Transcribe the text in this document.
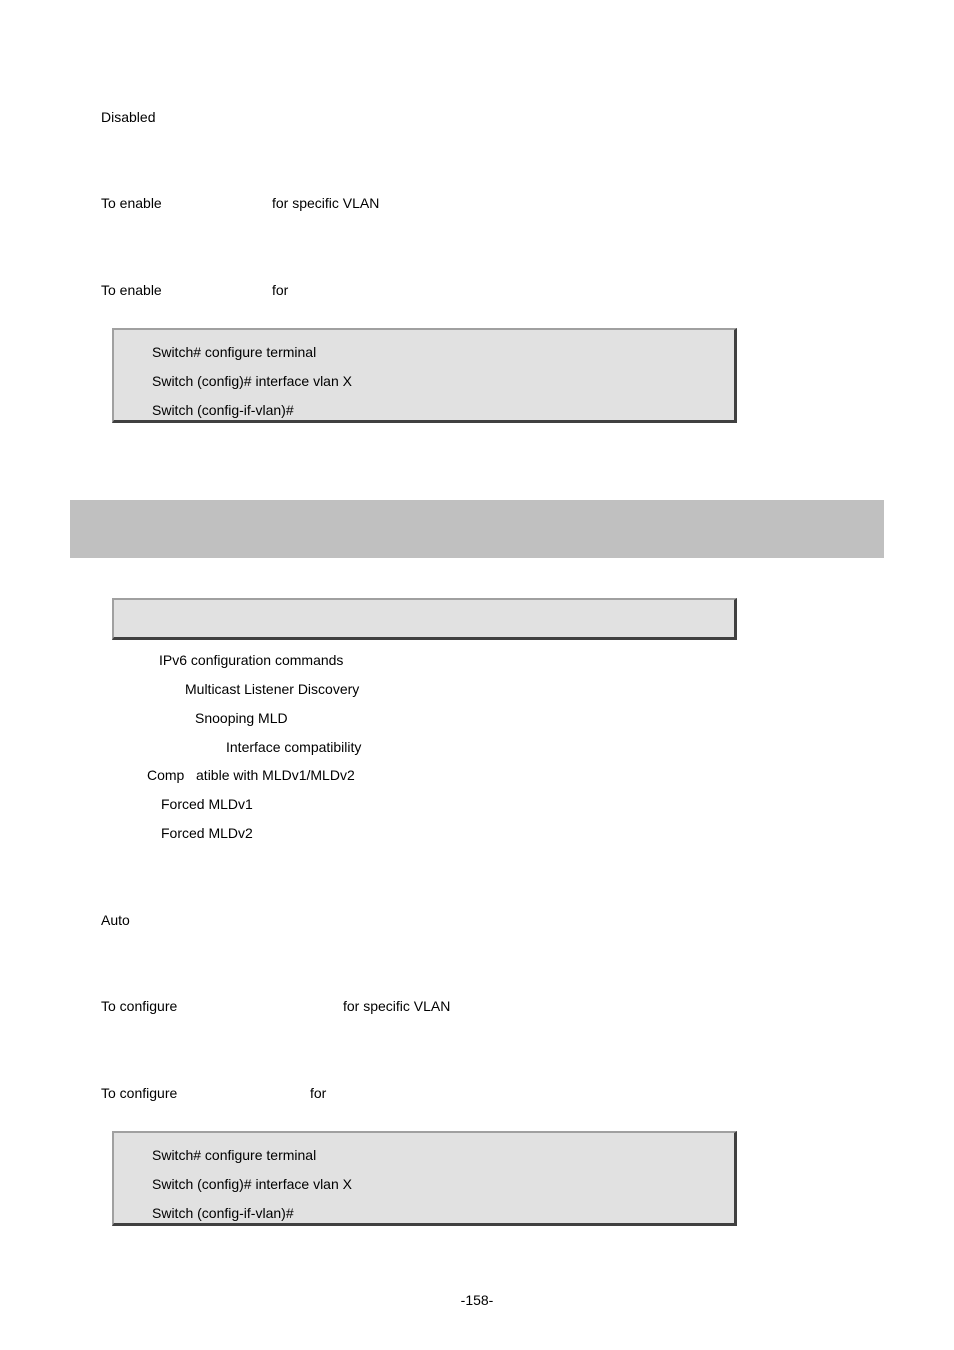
Disabled
To enable	for specific VLAN
To enable	for
Switch# configure terminal
Switch (config)# interface vlan X
Switch (config-if-vlan)#
IPv6 configuration commands
Multicast Listener Discovery
Snooping MLD
Interface compatibility
Comp   atible with MLDv1/MLDv2
Forced MLDv1
Forced MLDv2
Auto
To configure	for specific VLAN
To configure	for
Switch# configure terminal
Switch (config)# interface vlan X
Switch (config-if-vlan)#
-158-
